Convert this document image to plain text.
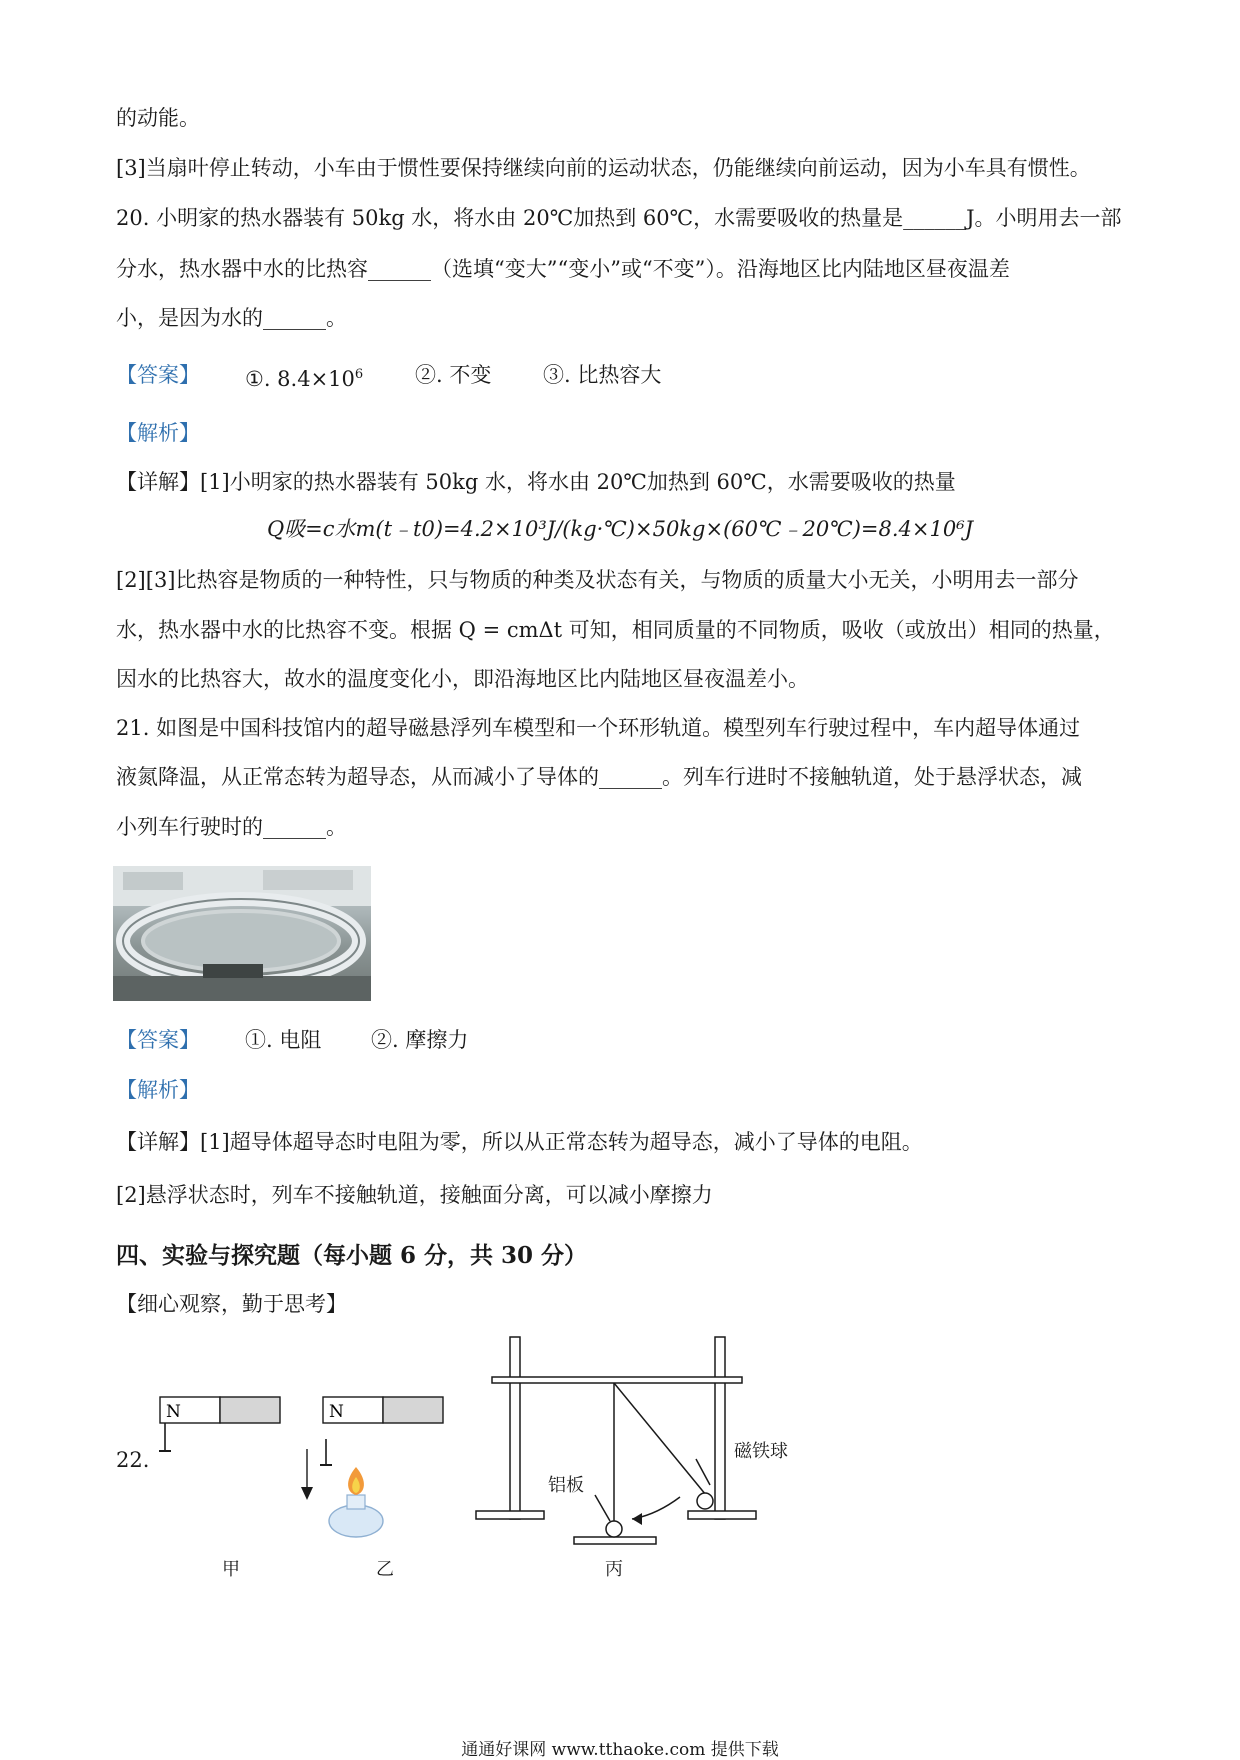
的动能。
[3]当扇叶停止转动，小车由于惯性要保持继续向前的运动状态，仍能继续向前运动，因为小车具有惯性。
20. 小明家的热水器装有 50kg 水，将水由 20℃加热到 60℃，水需要吸收的热量是______J。小明用去一部
分水，热水器中水的比热容______（选填“变大”“变小”或“不变”）。沿海地区比内陆地区昼夜温差
小，是因为水的______。
【答案】 ①. $8.4\times 10^6$ ②. 不变 ③. 比热容大
【解析】
【详解】[1]小明家的热水器装有 50kg 水，将水由 20℃加热到 60℃，水需要吸收的热量
Q吸=c水m(t﹣t0)=4.2×10³J/(kg·℃)×50kg×(60℃﹣20℃)=8.4×10⁶J
[2][3]比热容是物质的一种特性，只与物质的种类及状态有关，与物质的质量大小无关，小明用去一部分
水，热水器中水的比热容不变。根据 Q = cmΔt 可知，相同质量的不同物质，吸收（或放出）相同的热量，
因水的比热容大，故水的温度变化小，即沿海地区比内陆地区昼夜温差小。
21. 如图是中国科技馆内的超导磁悬浮列车模型和一个环形轨道。模型列车行驶过程中，车内超导体通过
液氮降温，从正常态转为超导态，从而减小了导体的______。列车行进时不接触轨道，处于悬浮状态，减
小列车行驶时的______。
【答案】 ①. 电阻 ②. 摩擦力
【解析】
【详解】[1]超导体超导态时电阻为零，所以从正常态转为超导态，减小了导体的电阻。
[2]悬浮状态时，列车不接触轨道，接触面分离，可以减小摩擦力
四、实验与探究题（每小题 6 分，共 30 分）
【细心观察，勤于思考】
22.
N	N
磁铁球
铝板
甲	乙	丙
通通好课网 www.tthaoke.com 提供下载
